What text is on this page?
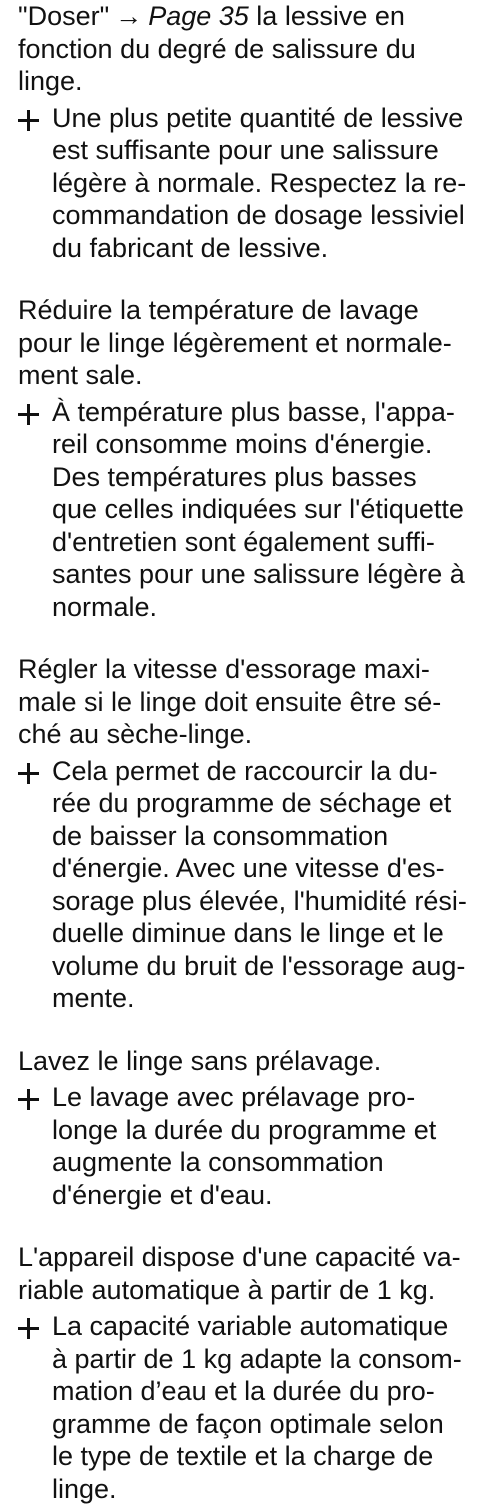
"Doser" → Page 35 la lessive en
fonction du degré de salissure du
linge.
Une plus petite quantité de lessive
est suffisante pour une salissure
légère à normale. Respectez la re-
commandation de dosage lessiviel
du fabricant de lessive.
Réduire la température de lavage
pour le linge légèrement et normale-
ment sale.
À température plus basse, l'appa-
reil consomme moins d'énergie.
Des températures plus basses
que celles indiquées sur l'étiquette
d'entretien sont également suffi-
santes pour une salissure légère à
normale.
Régler la vitesse d'essorage maxi-
male si le linge doit ensuite être sé-
ché au sèche-linge.
Cela permet de raccourcir la du-
rée du programme de séchage et
de baisser la consommation
d'énergie. Avec une vitesse d'es-
sorage plus élevée, l'humidité rési-
duelle diminue dans le linge et le
volume du bruit de l'essorage aug-
mente.
Lavez le linge sans prélavage.
Le lavage avec prélavage pro-
longe la durée du programme et
augmente la consommation
d'énergie et d'eau.
L'appareil dispose d'une capacité va-
riable automatique à partir de 1 kg.
La capacité variable automatique
à partir de 1 kg adapte la consom-
mation d’eau et la durée du pro-
gramme de façon optimale selon
le type de textile et la charge de
linge.
